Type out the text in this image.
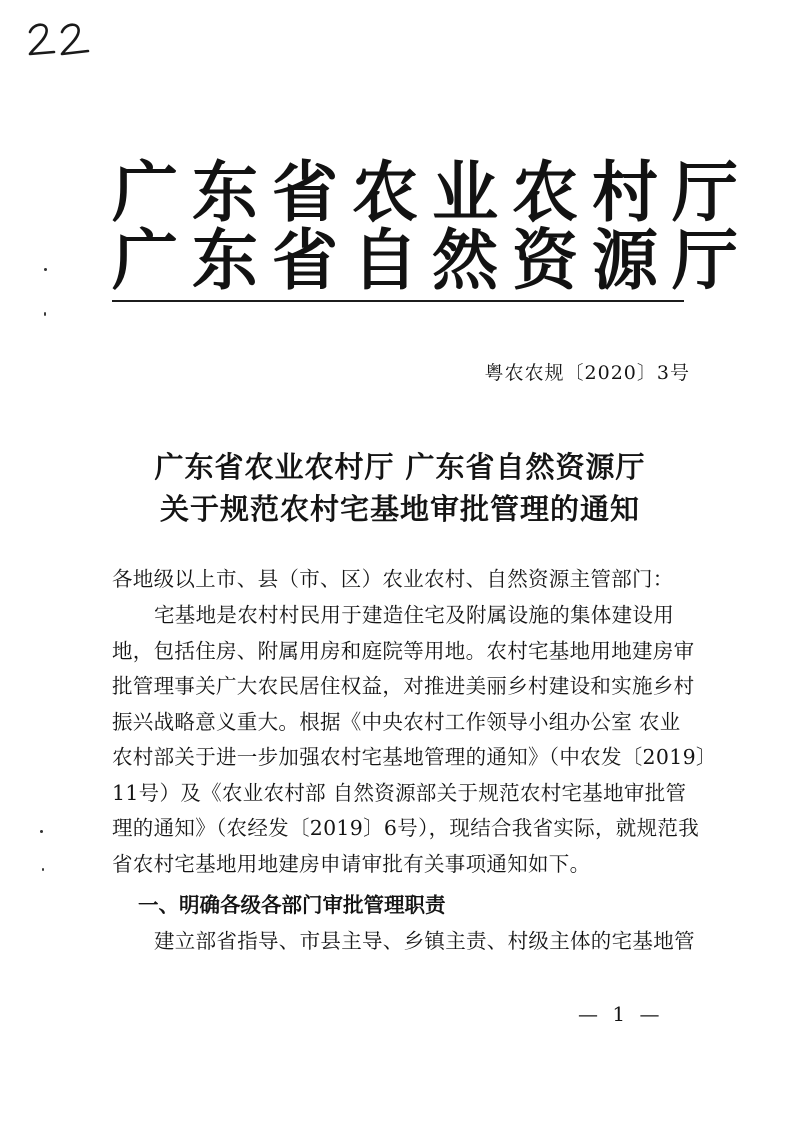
广东省农业农村厅
广东省自然资源厅
粤农农规〔2020〕3号
广东省农业农村厅 广东省自然资源厅
关于规范农村宅基地审批管理的通知
各地级以上市、县（市、区）农业农村、自然资源主管部门：
宅基地是农村村民用于建造住宅及附属设施的集体建设用
地，包括住房、附属用房和庭院等用地。农村宅基地用地建房审
批管理事关广大农民居住权益，对推进美丽乡村建设和实施乡村
振兴战略意义重大。根据《中央农村工作领导小组办公室 农业
农村部关于进一步加强农村宅基地管理的通知》（中农发〔2019〕
11号）及《农业农村部 自然资源部关于规范农村宅基地审批管
理的通知》（农经发〔2019〕6号），现结合我省实际，就规范我
省农村宅基地用地建房申请审批有关事项通知如下。
一、明确各级各部门审批管理职责
建立部省指导、市县主导、乡镇主责、村级主体的宅基地管
— 1 —
